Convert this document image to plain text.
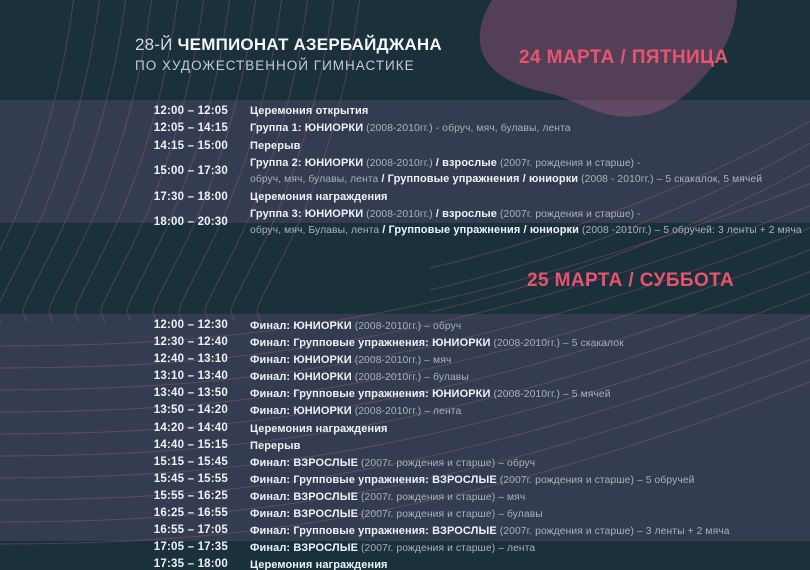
28-Й ЧЕМПИОНАТ АЗЕРБАЙДЖАНА
ПО ХУДОЖЕСТВЕННОЙ ГИМНАСТИКЕ	24 МАРТА / ПЯТНИЦА
12:00 – 12:05 Церемония открытия
12:05 – 14:15 Группа 1: ЮНИОРКИ (2008-2010гг.) - обруч, мяч, булавы, лента
14:15 – 15:00 Перерыв
15:00 – 17:30
Группа 2: ЮНИОРКИ (2008-2010гг.) / взрослые (2007г. рождения и старше) -
обруч, мяч, булавы, лента / Групповые упражнения / юниорки (2008 - 2010гг.) – 5 скакалок, 5 мячей
17:30 – 18:00 Церемония награждения
18:00 – 20:30
Группа 3: ЮНИОРКИ (2008-2010гг.) / взрослые (2007г. рождения и старше) -
обруч, мяч, Булавы, лента / Групповые упражнения / юниорки (2008 -2010гг.) – 5 обручей: 3 ленты + 2 мяча
25 МАРТА / СУББОТА
12:00 – 12:30 Финал: ЮНИОРКИ (2008-2010гг.) – обруч
12:30 – 12:40 Финал: Групповые упражнения: ЮНИОРКИ (2008-2010гг.) – 5 скакалок
12:40 – 13:10 Финал: ЮНИОРКИ (2008-2010гг.) – мяч
13:10 – 13:40 Финал: ЮНИОРКИ (2008-2010гг.) – булавы
13:40 – 13:50 Финал: Групповые упражнения: ЮНИОРКИ (2008-2010гг.) – 5 мячей
13:50 – 14:20 Финал: ЮНИОРКИ (2008-2010гг.) – лента
14:20 – 14:40 Церемония награждения
14:40 – 15:15 Перерыв
15:15 – 15:45 Финал: ВЗРОСЛЫЕ (2007г. рождения и старше) – обруч
15:45 – 15:55 Финал: Групповые упражнения: ВЗРОСЛЫЕ (2007г. рождения и старше) – 5 обручей
15:55 – 16:25 Финал: ВЗРОСЛЫЕ (2007г. рождения и старше) – мяч
16:25 – 16:55 Финал: ВЗРОСЛЫЕ (2007г. рождения и старше) – булавы
16:55 – 17:05 Финал: Групповые упражнения: ВЗРОСЛЫЕ (2007г. рождения и старше) – 3 ленты + 2 мяча
17:05 – 17:35 Финал: ВЗРОСЛЫЕ (2007г. рождения и старше) – лента
17:35 – 18:00 Церемония награждения
